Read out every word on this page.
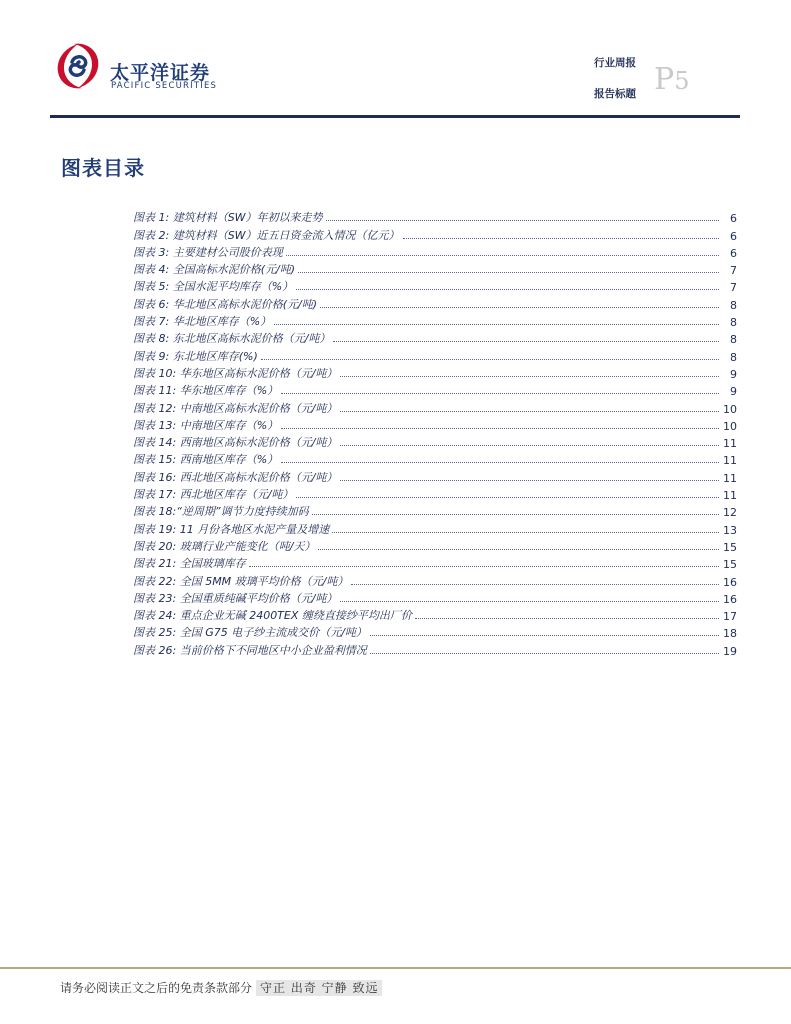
太平洋证券
PACIFIC SECURITIES
行业周报
报告标题 P5
图表目录
图表 1: 建筑材料（SW）年初以来走势	6
图表 2: 建筑材料（SW）近五日资金流入情况（亿元）	6
图表 3: 主要建材公司股价表现	6
图表 4: 全国高标水泥价格(元/吨)	7
图表 5: 全国水泥平均库存（%）	7
图表 6: 华北地区高标水泥价格(元/吨)	8
图表 7: 华北地区库存（%）	8
图表 8: 东北地区高标水泥价格（元/吨）	8
图表 9: 东北地区库存(%)	8
图表 10: 华东地区高标水泥价格（元/吨）	9
图表 11: 华东地区库存（%）	9
图表 12: 中南地区高标水泥价格（元/吨）	10
图表 13: 中南地区库存（%）	10
图表 14: 西南地区高标水泥价格（元/吨）	11
图表 15: 西南地区库存（%）	11
图表 16: 西北地区高标水泥价格（元/吨）	11
图表 17: 西北地区库存（元/吨）	11
图表 18:“逆周期”调节力度持续加码	12
图表 19: 11 月份各地区水泥产量及增速	13
图表 20: 玻璃行业产能变化（吨/天）	15
图表 21: 全国玻璃库存	15
图表 22: 全国 5MM 玻璃平均价格（元/吨）	16
图表 23: 全国重质纯碱平均价格（元/吨）	16
图表 24: 重点企业无碱 2400TEX 缠绕直接纱平均出厂价	17
图表 25: 全国 G75 电子纱主流成交价（元/吨）	18
图表 26: 当前价格下不同地区中小企业盈利情况	19
请务必阅读正文之后的免责条款部分 守正 出奇 宁静 致远
